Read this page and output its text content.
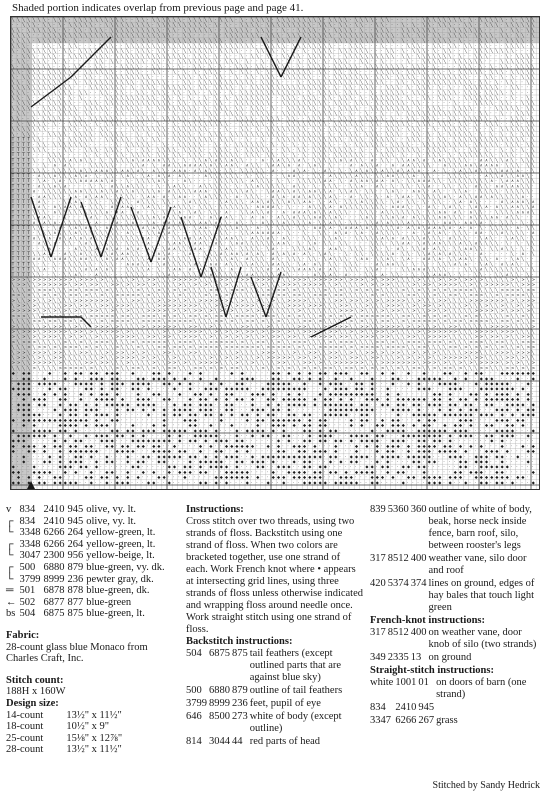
Shaded portion indicates overlap from previous page and page 41.
╲ ╲ ╲ ╲ ╲ ╲ ╲ · ╲ ╲ ╲ · ╲ ╲ ╲ ╲ ╲ ╲ ╲ ╲ ╲ ╲ · · ╲ ╲ · ╲ ╲ ╲ ╲ ╲ ╲ · ╲ ╲ ╲ ╲ ╲ · ╲ ╲ ╲ · ╲ · ╲ ╲ ╲ ╲ · ╲ ╲ ╲ ╲ ╲ ╲ ╲ ╲ ╲ · ╲ ╲ ╲ ╲ · ╲ ╲ ╲ ╲ · ╲ ╲ · · · · · · ╲ ╲ ╲ ╲ ╲ ╲ ╲ ╲ · ╲ · ╲ ╲ ╲ ╲ ╲ · ╲ · ╲ ╲ ╲
· · ╲ ╲ ╲ · ╲ ╲ · ╲ · ╲ ╲ ╲ ╲ ╲ · · ╲ ╲ ╲ ╲ ╲ ╲ ╲ ╲ ╲ · ╲ ╲ ╲ ╲ ╲ ╲ ╲ ╲ ╲ ╲ · ╲ · ╲ · · ╲ ╲ ╲ ╲ · ╲ ╲ ╲ ╲ ╲ ╲ ╲ ╲ ╲ · ╲ ╲ ╲ · ╲ ╲ · ╲ ╲ · · ╲ ╲ · · · ╲ · ╲ · ╲ ╲ · ╲ ╲ ╲ · · ╲ ╲ · · ╲ ╲ ╲ · ╲ ╲ ╲ ╲ ╲ ╲
╲ ╲ · ╲ ╲ ╲ ╲ ╲ ╲ · ╲ · ╲ ╲ · ╲ ╲ ╲ · ╲ ╲ ╲ ╲ ╲ ╲ ╲ ╲ ╲ ╲ · ╲ ╲ · ╲ ╲ ╲ ╲ ╲ ╲ · · ╲ ╲ ╲ ╲ ╲ · ╲ ╲ ╲ · · ╲ · · ╲ ╲ ╲ ╲ · ╲ · ╲ ╲ ╲ ╲ · ╲ · · ╲ ╲ ╲ · · ╲ ╲ ╲ ╲ ╲ ╲ ╲ · · ╲ ╲ ╲ ╲ ╲ ╲ ╲ · · · ╲ · ╲ ╲ · ╲ ╲
╲ ╲ ╲ ╲ · · ╲ ╲ ╲ ╲ ╲ ╲ ╲ ╲ ╲ ╲ ╲ ╲ ╲ ╲ ╲ ╲ ╲ ╲ ╲ ╲ ╲ ╲ ╲ ╲ ╲ · · ╲ ╲ · · · · ╲ · ╲ ╲ ╲ ╲ ╲ ╲ ╲ · ╲ ╲ ╲ · ╲ ╲ ╲ ╲ ╲ ╲ ╲ ╲ ╲ · ╲ ╲ ╲ ╲ ╲ ╲ ╲ ╲ ╲ ╲ ╲ · ╲ ╲ · ╲ ╲ · ╲ ╲ · ╲ ╲ ╲ ╲ · ╲ ╲ ╲ ╲ · ╲ ╲ · ╲ ╲ · ╲
╲ ╲ ╲ ╲ · ╲ ╲ ╲ ╲ ╲ ╲ · ╲ · · ╲ · · · ╲ ╲ ╲ · ╲ · ╲ ╲ · ╲ · ╲ ╲ ╲ ╲ ╲ ╲ ╲ ╲ ╲ ╲ ╲ · ╲ ╲ ╲ · ╲ · ╲ ╲ · ╲ ╲ ╲ · · ╲ ╲ ╲ ╲ ╲ · ╲ ╲ ╲ ╲ ╲ ╲ ╲ ╲ ╲ ╲ ╲ ╲ · ╲ · ╲ · ╲ · ╲ ╲ ╲ ╲ · ╲ · · · ╲ ╲ ╲ ╲ · ╲ ╲ ╲ ╲ · ·
╲ ╲ ╲ · · · ╲ ╲ · ╲ · ╲ ╲ · · · · ╲ ╲ ╲ · · ╲ ╲ ╲ ╲ ╲ ╲ ╲ ╲ ╲ ╲ ╲ ╲ ╲ ╲ ╲ ╲ ╲ ╲ ╲ ╲ ╲ ╲ ╲ ╲ ╲ · · ╲ ╲ ╲ ╲ · ╲ ╲ ╲ ╲ ╲ ╲ ╲ ╲ · · · ╲ ╲ ╲ · · · ╲ · · · · ╲ ╲ ╲ · · ╲ ╲ · ╲ ╲ · ╲ ╲ · ╲ ╲ · · · ╲ ╲ ╲ ╲ · ╲
╲ · ╲ ╲ ╲ ╲ ╲ ╲ ╲ · ╲ ╲ · ╲ ╲ ╲ ╲ ╲ ╲ ╲ ╲ ╲ ╲ · ╲ ╲ ╲ · ╲ ╲ · ╲ · ╲ ╲ ╲ ╲ ╲ ╲ · ╲ ╲ ╲ ╲ · · · ╲ ╲ · ╲ · ╲ · ╲ · ╲ · ╲ ╲ ╲ ╲ · ╲ ╲ ╲ ╲ ╲ ╲ · · · ╲ ╲ · ╲ · ╲ ╲ ╲ · ╲ · ╲ ╲ · · ╲ · ╲ ╲ ╲ ╲ ╲ ╲ ╲ ╲ · · · ╲
· · ╲ ╲ ╲ · ╲ ╲ ╲ · · ╲ ╲ ╲ ╲ ╲ ╲ ╲ ╲ · ╲ ╲ ╲ ╲ ╲ ╲ ╲ ╲ ╲ ╲ ╲ ╲ ╲ ╲ · ╲ ╲ ╲ · ╲ · ╲ · · ╲ · ╲ ╲ · ╲ · · ╲ ╲ ╲ ╲ · ╲ ╲ ╲ ╲ ╲ · · ╲ ╲ ╲ ╲ ╲ ╲ ╲ ╲ ╲ ╲ · ╲ ╲ · ╲ ╲ ╲ ╲ ╲ ╲ ╲ · ╲ · · ╲ ╲ ╲ · · · ╲ · ╲ ╲ ╲ ╲
· ╲ ╲ · ╲ ╲ ╲ · ╲ · ╲ · · · · · ╲ ╲ · ╲ ╲ · ╲ ╲ ╲ ╲ · ╲ ╲ · ╲ · ╲ ╲ ╲ ╲ ╲ ╲ ╲ ╲ · ╲ ╲ ╲ · ╲ · · ╲ · ╲ ╲ · ╲ · ╲ · ╲ ╲ · ╲ · ╲ ╲ ╲ · · ╲ ╲ · · ╲ · · · · ╲ · · ╲ ╲ ╲ ╲ ╲ · ╲ ╲ ╲ ╲ ╲ ╲ · · · ╲ ╲ ╲ ╲ ╲ ╲ ·
╲ · ╲ ╲ ╲ ╲ ╲ ╲ · · ╲ · ╲ ╲ · · ╲ ╲ · · · ╲ ╲ ╲ ╲ · · ╲ ╲ · ╲ · ╲ · · ╲ ╲ · ╲ · ╲ · · ╲ ╲ ╲ · ╲ ╲ · ╲ ╲ ╲ ╲ · ╲ · ╲ ╲ ╲ ╲ · ╲ ╲ ╲ ╲ ╲ · ╲ ╲ ╲ ╲ ╲ ╲ ╲ ╲ · ╲ ╲ ╲ · ╲ · · · · ╲ ╲ ╲ · ╲ · ╲ · ╲ ╲ · ╲ ╲ ╲ ╲
╲ ╲ · ╲ ╲ ╲ · ╲ ╲ ╲ ╲ ╲ · · ╲ ╲ ╲ ╲ ╲ ╲ · · ╲ ╲ ╲ · · ╲ ╲ · · ╲ · ╲ · ╲ · ╲ ╲ ╲ · · ╲ · ╲ ╲ · ╲ · ╲ · · ╲ ╲ ╲ ╲ ╲ ╲ · ╲ ╲ · ╲ ╲ · ╲ ╲ · · · ╲ ╲ ╲ ╲ ╲ · ╲ ╲ ╲ ╲ · ╲ ╲ · ╲ · ╲ ╲ ╲ ╲ ╲ · ╲ ╲ ╲ · ╲ ╲ ╲ ╲ ╲
╲ · ╲ ╲ ╲ ╲ ╲ ╲ ╲ ╲ ╲ ╲ ╲ · ╲ ╲ · · ╲ ╲ ╲ ╲ ╲ ╲ ╲ ╲ ╲ · · · · · ╲ ╲ ╲ · ╲ ╲ · ╲ ╲ · · ╲ · ╲ ╲ · ╲ ╲ ╲ · ╲ ╲ ╲ ╲ ╲ ╲ · · ╲ · ╲ ╲ ╲ ╲ ╲ ╲ ╲ · ╲ ╲ ╲ · ╲ ╲ ╲ ╲ · ╲ ╲ ╲ ╲ ╲ ╲ ╲ ╲ ╲ · · · ╲ ╲ · ╲ · ╲ · ╲ ╲ ╲
╲ ╲ · ╲ ╲ ╲ ╲ ╲ ╲ ╲ ╲ · ╲ · ╲ ╲ ╲ ╲ ╲ ╲ ╲ ╲ ╲ ╲ · ╲ ╲ ╲ ╲ ╲ · · · ╲ ╲ · ╲ ╲ ╲ ╲ ╲ ╲ ╲ ╲ ╲ ╲ ╲ · ╲ ╲ ╲ ╲ · · · ╲ · ╲ ╲ ╲ ╲ ╲ ╲ ╲ ╲ ╲ ╲ ╲ ╲ ╲ ╲ ╲ · · ╲ ╲ · ╲ ╲ ╲ ╲ ╲ ╲ ╲ ╲ ╲ ╲ ╲ ╲ · ╲ ╲ · ╲ · ╲ ╲ · · ╲ ╲
╲ ╲ ╲ ╲ ╲ ╲ ╲ ╲ ╲ ╲ ╲ ╲ · · · ╲ ╲ ╲ ╲ ╲ ╲ ╲ · ╲ · ╲ ╲ ╲ · ╲ ╲ ╲ ╲ ╲ ╲ · ╲ ╲ · ╲ ╲ ╲ ╲ · ╲ · ╲ ╲ ╲ ╲ ╲ ╲ ╲ ╲ ╲ ╲ ╲ ╲ ╲ ╲ ╲ · ╲ · ╲ ╲ · ╲ ╲ ╲ · · ╲ ╲ ╲ · ╲ · ╲ ╲ ╲ · ╲ · ╲ · · ╲ ╲ ╲ ╲ ╲ ╲ ╲ · · ╲ ╲ · · ·
╲ ╲ ╲ · ╲ ╲ · · ╲ ╲ ╲ ╲ · ╲ ╲ · · ╲ ╲ · ╲ ╲ · · ╲ ╲ · ╲ ╲ ╲ · ╲ ╲ · ╲ ╲ · · ╲ ╲ · · ╲ · ╲ ╲ ╲ ╲ ╲ ╲ ╲ ╲ ╲ ╲ ╲ ╲ · ╲ · ╲ ╲ ╲ ╲ · ╲ ╲ ╲ · · ╲ · ╲ ╲ ╲ ╲ ╲ · ╲ ╲ ╲ · · ╲ ╲ ╲ ╲ · ╲ ╲ ╲ · ╲ ╲ ╲ ╲ · ╲ · · · ·
╲ ╲ · ╲ · · ╲ ╲ · ╲ · ╲ · ╲ · · · · ╲ ╲ ╲ ╲ ╲ ╲ ╲ ╲ ╲ ╲ · ╲ ╲ · ╲ · ╲ · · ╲ · ╲ · ╲ · ╲ ╲ ╲ ╲ ╲ ╲ ╲ · · ╲ ╲ ╲ · ╲ ╲ ╲ · ╲ ╲ · ╲ ╲ ╲ · ╲ · ╲ ╲ ╲ ╲ ╲ ╲ · ╲ · · ╲ ╲ · ╲ ╲ ╲ · · ╲ ╲ ╲ ╲ ╲ ╲ ╲ · · ╲ · · ╲ ·
· ╲ ╲ ╲ ╲ ╲ · ╲ ╲ ╲ ╲ ╲ · · ╲ ╲ ╲ · ╲ ╲ ╲ ╲ ╲ ╲ ╲ ╲ ╲ ╲ ╲ ╲ ╲ · ╲ ╲ · ╲ ╲ ╲ · ╲ ╲ · · ╲ ╲ ╲ ╲ ╲ ╲ ╲ · · ╲ ╲ ╲ ╲ ╲ ╲ ╲ ╲ ╲ · ╲ ╲ ╲ · ╲ ╲ ╲ · ╲ ╲ ╲ ╲ ╲ ╲ · ╲ ╲ · · · · · · ╲ · · · ╲ ╲ ╲ ╲ · ╲ ╲ · · ╲ ╲ ╲
╲ ╲ ╲ ╲ · · ╲ ╲ ╲ ╲ ╲ ╲ ╲ · ╲ ╲ ╲ ╲ ╲ · ╲ ╲ ╲ ╲ ╲ · ╲ · ╲ ╲ ╲ ╲ ╲ ╲ ╲ ╲ · ╲ · ╲ ╲ ╲ · ╲ ╲ · ╲ ╲ ╲ · ╲ · · ╲ ╲ ╲ ╲ ╲ ╲ · ╲ ╲ · ╲ ╲ ╲ ╲ · · ╲ ╲ ╲ ╲ ╲ ╲ ╲ ╲ · ╲ · ╲ ╲ ╲ · · ╲ ╲ ╲ ╲ · · · · ╲ ╲ ╲ ╲ ╲ · ╲ ╲
· ╲ ╲ · ╲ ╲ ╲ ╲ · ╲ ╲ ╲ ╲ · ╲ ╲ · · ╲ · ╲ ╲ · ╲ ╲ ╲ · ╲ · · · ╲ · ╲ ╲ ╲ · ╲ ╲ ╲ · ╲ ╲ ╲ ╲ · ╲ ╲ ╲ ╲ · · ╲ ╲ ╲ ╲ ╲ · ╲ ╲ ╲ ╲ ╲ ╲ · ╲ · · ╲ · · ╲ · · ╲ · ╲ ╲ ╲ ╲ ╲ ╲ ╲ ╲ ╲ ╲ ╲ ╲ · · ╲ ╲ · · ╲ · · ╲ ╲ ╲ ·
╲ ╲ · · ╲ · ╲ ╲ ╲ ╲ · · ╲ ╲ · ╲ ╲ ╲ ╲ ╲ ╲ · · · ╲ ╲ ╲ ╲ · ╲ ╲ ╲ ╲ ╲ · ╲ ╲ · ╲ ╲ · · · ╲ ╲ ╲ ╲ · ╲ ╲ ╲ ╲ · ╲ ╲ · · ╲ ╲ ╲ · ╲ · ╲ ╲ ╲ · ╲ ╲ ╲ ╲ ╲ · ╲ · · ╲ ╲ · ╲ ╲ ╲ · · ╲ ╲ · ╲ ╲ ╲ ╲ ╲ · ╲ · · ╲ ╲ ╲ · ╲
· ╲ · ╲ ╲ ╲ ╲ · ╲ · · ╲ ╲ ╲ ╲ · ╲ · ╲ ╲ ╲ ╲ ╲ ╲ ╲ ╲ · · ╲ · · ╲ · ╲ ╲ ╲ ╲ ╲ ╲ ╲ ╲ ╲ · · ╲ ╲ ╲ ╲ ╲ · ╲ · · ╲ ╲ ╲ ╲ ╲ ╲ ╲ ╲ · ╲ ╲ ╲ ╲ ╲ ╲ · ╲ ╲ · ╲ ╲ ╲ ╲ ╲ · ╲ ╲ ╲ · ╲ ╲ ╲ · ╲ ╲ · ╲ · ╲ ╲ ╲ · · ╲ ╲ · ╲ ╲
╲ ╲ ╲ ╲ ╲ ╲ ╲ · · · ╲ ╲ ╲ · ╲ ╲ · ╲ ╲ · · · · ╲ ╲ ╲ ╲ ╲ ╲ ╲ · ╲ ╲ ╲ ╲ ╲ ╲ ╲ · · · ╲ · · ╲ ╲ · ╲ · ╲ ╲ ╲ ╲ ╲ ╲ ╲ ╲ · ╲ ╲ · ╲ ╲ ╲ ╲ · ╲ ╲ · ╲ · · ╲ ╲ ╲ · ╲ ╲ ╲ · · ╲ · ╲ ╲ ╲ ╲ ╲ · ╲ · · ╲ · ╲ ╲ ╲ ╲ ╲ ╲ ╲
╲ · ╲ ╲ ╲ · · ╲ ╲ ╲ ╲ · ╲ ╲ ╲ ╲ · ╲ ╲ ╲ ╲ ╲ · · ╲ · ╲ · ╲ ╲ · ╲ ╲ ╲ ╲ · ╲ · ╲ ╲ ╲ · ╲ ╲ ╲ ╲ ╲ ╲ ╲ ╲ ╲ ╲ ╲ · ╲ ╲ ╲ ╲ ╲ ╲ · ╲ · ╲ ╲ ╲ ╲ · ╲ ╲ ╲ · ╲ ╲ ╲ · · ╲ ╲ · ╲ · ╲ · ╲ ╲ ╲ ╲ ╲ · ╲ · ╲ · ╲ · ╲ · ╲ ╲ ╲
T T T T ╲ ╲ · · · ╲ · ╲ ╲ ╲ ╲ ╲ · · ╲ ╲ ╲ ╲ ╲ · ╲ ╲ · ╲ ╲ · · ╲ ╲ ╲ ╲ ╲ ╲ ╲ ╲ · ╲ ╲ ╲ · · ╲ · · ╲ · · ╲ ╲ ╲ ╲ ╲ ╲ ╲ ╲ ╲ ╲ ╲ ╲ ╲ · ╲ ╲ ╲ · ╲ ╲ ╲ ╲ ╲ · · ╲ ╲ ╲ · ╲ · ╲ ╲ · ╲ ╲ ╲ ╲ ╲ ╲ ╲ ╲ ╲ ╲ ╲ ╲ ╲ ╲ · ╲
T T T T · ╲ ╲ · ╲ ╲ ╲ ╲ ╲ ╲ ╲ · · · · · ╲ · ╲ ╲ ╲ ╲ ╲ · · ╲ · · ╲ ╲ ╲ ╲ ╲ · · ╲ · ╲ · ╲ ╲ ╲ ╲ ╲ ╲ · ╲ · ╲ · ╲ · ╲ · ╲ ╲ ╲ ╲ · · ╲ · ╲ ╲ ╲ ╲ ╲ ╲ · ╲ ╲ ╲ ╲ · · ╲ ╲ ╲ ╲ ╲ ╲ ╲ ╲ ╲ · ╲ ╲ ╲ ╲ ╲ · ╲ ╲ ╲ · ╲ ╲
T T T T ╲ ╲ ╲ · · · ╲ ╲ · · ╲ ╲ ╲ · ╲ ╲ ╲ · ╲ · · ╲ ╲ · ╲ ╲ ╲ ╲ · ╲ ╲ ╲ ╲ · · ╲ ╲ ╲ · ╲ · ╲ ╲ ╲ ╲ ╲ · · ╲ ╲ · ╲ ╲ · ╲ ╲ ╲ ╲ ╲ ╲ ╲ ╲ · ╲ · · ╲ · ╲ ╲ ╲ ╲ ╲ ╲ ╲ · ╲ ╲ ╲ ╲ · ╲ · · ╲ ╲ · ╲ · · ╲ · ╲ · ╲ · ╲
T T T T · · · ╲ ╲ ╲ · · · · ╲ · ╲ · ╲ · ╲ ╲ · ╲ ╲ ╲ ╲ · ╲ ╲ · ╲ ╲ · ╲ ╲ ╲ · ╲ ╲ ╲ ╲ ╲ ╲ · ╲ ╲ ╲ · ╲ ╲ · ╲ · ╲ · ╲ · ╲ ╲ ╲ · ╲ ╲ ╲ ╲ ╲ ╲ · ╲ · ╲ ╲ ╲ · ╲ · · ╲ · ╲ ╲ ╲ · ╲ · ╲ ╲ ╲ ╲ ╲ ╲ ╲ · ╲ ╲ ╲ · · ╲ ╲
T T T T ╲ · · ╲ ╲ ╲ ╲ ∧ ╲ ∧ ╲ ╲ · ╲ · ╲ ╲ ╲ ╲ ∧ ╲ ∧ ∧ ∧ ∧ ╲ ╲ ╲ · ╲ · ╲ ╲ ∧ ╲ ∧ ╲ ╲ ∧ ╲ ╲ · · · ∧ · ╲ ∧ ╲ ╲ ╲ ∧ ╲ · ╲ ╲ ╲ ╲ ╲ ∧ ╲ ∧ ╲ ╲ · ∧ · ╲ ╲ · ╲ ╲ ∧ ∧ ╲ ∧ · ╲ ∧ ╲ ╲ ╲ ╲ ╲ · · ∧ ∧ ╲ ╲ ╲ ∧ ╲ · ╲ ╲ ╲
T T T T · · ╲ · ∧ · ∧ ╲ · · · ╲ ╲ ╲ ╲ ╲ · · · ╲ ╲ ∧ · ╲ · ∧ ∧ ╲ ╲ ∧ ∧ ∧ ∧ ╲ ∧ ╲ ╲ ∧ ∧ ╲ · ∧ ╲ ╲ · ╲ ∧ ∧ ╲ ∧ · ∧ · ╲ ∧ ╲ · ╲ · · · ∧ · ∧ ╲ ╲ ∧ · · ∧ · ∧ ∧ ╲ ╲ ╲ ╲ · · ∧ ╲ ╲ ╲ ∧ ∧ ╲ ∧ ∧ ∧ ∧ · ╲ ╲ ╲ · ╲ ╲
T T T T ╲ ╲ ╲ · ╲ ╲ ╲ ╲ ╲ ∧ ╲ ╲ ∧ ∧ ∧ ╲ ╲ ∧ ∧ ╲ ∧ ╲ · ∧ ╲ ╲ · ∧ ∧ ∧ · ∧ ╲ ∧ ╲ ╲ · ╲ ╲ · ╲ ╲ ╲ ╲ ╲ · ∧ · · · ∧ ╲ ∧ · ╲ · ∧ ╲ · ╲ · ╲ ∧ ╲ ∧ ╲ ╲ ∧ ╲ ╲ ∧ ╲ ∧ ╲ ∧ · · ∧ · ╲ · ╲ ∧ ╲ ╲ ∧ ╲ ╲ ╲ ╲ ∧ ∧ ╲ ∧ · · ╲
T T T T · ∧ ╲ ╲ ∧ ╲ ╲ ╲ ∧ ╲ ∧ · ╲ · ╲ ╲ · ╲ ∧ ╲ · ╲ ∧ · ∧ ╲ ∧ · ∧ ╲ · · · ∧ ╲ ╲ ╲ ╲ ╲ ╲ · ╲ · ╲ ╲ · · · ╲ ∧ ∧ ╲ · · ╲ ╲ · ∧ ╲ ╲ ╲ ╲ ∧ ╲ ╲ · ╲ ╲ ∧ ∧ ╲ ╲ ╲ ∧ · ╲ ╲ · · · ╲ ╲ ╲ ╲ · · · ∧ ╲ ╲ ∧ ╲ ╲ ∧ ∧ ╲ ·
T T T T · ╲ ∧ · ╲ ∧ · ╲ ╲ ∧ ∧ ∧ ∧ ∧ ╲ ∧ · · ╲ · ╲ ╲ ╲ ╲ ∧ ╲ · · · ∧ ╲ · · · · ╲ ╲ ╲ ╲ ╲ ╲ · ∧ ╲ ╲ ╲ · ╲ · ╲ · ╲ ╲ ╲ ╲ ╲ ∧ ∧ · ╲ · ∧ ╲ ∧ ∧ ╲ ∧ ∧ · ∧ ╲ · ╲ ╲ ∧ ∧ ∧ ╲ ╲ · ╲ ╲ ╲ ╲ ╲ ╲ ╲ ╲ ∧ · ╲ ∧ ∧ ∧ ╲ ╲ ╲
T T T T · ∧ ╲ ╲ ∧ ╲ ∧ · · · · ╲ · ╲ · ∧ ╲ ╲ ∧ ╲ ╲ ╲ · · ╲ · ╲ ∧ ╲ ╲ · · ∧ ╲ ╲ ╲ ╲ ╲ · ╲ · ╲ ╲ ∧ ╲ ╲ ╲ ╲ ╲ · ∧ ╲ ╲ · ╲ · ╲ ╲ ╲ · · ╲ ╲ ∧ · · ∧ ╲ · ╲ · ╲ ╲ · ╲ ╲ ∧ · · ╲ ╲ · ╲ ╲ · ∧ ╲ ╲ · ∧ ∧ ╲ ∧ ∧ ╲ ╲ ·
T T T T ∧ · ╲ ╲ ╲ ╲ ╲ ╲ ∧ ∧ ╲ ╲ ╲ ∧ ╲ ╲ ∧ ╲ ╲ ∧ ╲ ╲ ╲ ╲ ∧ · ∧ ╲ ╲ ╲ ╲ ∧ ∧ ∧ · ╲ ╲ ╲ ╲ ╲ ╲ ∧ ╲ · · ╲ ∧ ∧ ╲ ╲ ∧ ╲ ╲ ∧ ∧ ╲ ╲ ∧ · ╲ ╲ ∧ ╲ · ╲ ╲ · · ╲ ∧ ╲ · · ∧ ∧ ╲ · ∧ ╲ · · ╲ ╲ ∧ · · ╲ ╲ ╲ ╲ · ╲ ╲ ╲ ╲ ╲ ·
T T T T · ∧ ∧ ╲ ╲ ╲ · ╲ ∧ · ∧ ╲ ∧ ∧ ╲ · ╲ ╲ ╲ ╲ · ╲ ∧ ∧ · ∧ · ╲ ∧ ∧ · · ╲ ∧ ╲ ╲ ╲ ╲ · ∧ · ╲ ╲ ╲ · · ∧ ╲ ∧ · ∧ ∧ ╲ ∧ ╲ ╲ ╲ ∧ ╲ · · ∧ · ╲ ╲ · ╲ · ∧ · ╲ ∧ ∧ · ╲ ╲ ╲ ╲ ╲ ∧ ╲ · ∧ ╲ ╲ ∧ ∧ ╲ ∧ ╲ ╲ ╲ ╲ ╲ ∧ · ·
T T T T · ∧ ╲ · · · ╲ ╲ ∧ ╲ · ╲ ╲ · · ╲ ╲ ╲ ╲ · ∧ ╲ ╲ ╲ · ╲ ╲ · · ╲ ∧ ╲ ╲ ╲ · · ╲ ∧ ╲ ╲ ╲ · ∧ ∧ ╲ ∧ ╲ ╲ ╲ ∧ ╲ ╲ ∧ ∧ · ╲ · ∧ ╲ · ╲ ╲ ╲ ∧ ╲ ╲ ╲ ╲ · ╲ ∧ · ╲ ╲ · ╲ · ╲ ╲ · · ╲ ∧ · ∧ ╲ · · · · ∧ ╲ ∧ ∧ ∧ ╲ ∧
T T T T ∧ ∧ ╲ · ∧ ╲ ∧ ∧ ╲ ∧ · ╲ ╲ ╲ · ∧ ╲ ∧ ∧ ╲ · ╲ ∧ ╲ ╲ · ╲ ∧ ╲ ╲ ╲ · ╲ ╲ ╲ · ╲ ╲ ╲ ╲ ╲ ╲ · ∧ ∧ ∧ ∧ ╲ · ╲ · · · ∧ ╲ ╲ ╲ ∧ · ∧ ╲ ╲ ╲ ╲ ╲ ╲ ╲ ╲ · ∧ ∧ ∧ ╲ · ╲ · ∧ ╲ · ╲ ∧ ╲ ╲ · ╲ ∧ ╲ ∧ · ∧ ╲ ╲ ∧ ∧ ╲ ╲ ∧
T T T T ╲ ╲ ╲ · ∧ ╲ ╲ ╲ ╲ ╲ ╲ ╲ ╲ ╲ ∧ · ∧ ∧ · ╲ ∧ · · ╲ · ╲ · ╲ ∧ · ╲ ∧ ╲ · ╲ ╲ · ∧ · · ╲ ╲ ∧ ╲ ╲ ∧ · · ∧ · ∧ ∧ ∧ ╲ ∧ ╲ ╲ ∧ ╲ ╲ ╲ · · ╲ ╲ ╲ · ∧ ╲ ╲ ╲ ╲ ╲ ╲ ╲ · ╲ ╲ ∧ ∧ · ∧ ╲ · ∧ ╲ ╲ · · ╲ ╲ ╲ ╲ ∧ ∧ ∧ ╲
T T T T ╲ ∧ ∧ ╲ · · ╲ · · · ╲ ∧ ╲ · ╲ ╲ ╲ ╲ ╲ ╲ ╲ ╲ ╲ ∧ ╲ ∧ ╲ ╲ ╲ ∧ ∧ · ╲ · ∧ ╲ ∧ ∧ ╲ · ╲ · ∧ · ∧ · · ∧ ╲ ╲ ∧ ╲ ╲ ╲ ∧ ∧ ╲ ╲ ∧ ╲ · · · ╲ ∧ ╲ · ╲ ╲ ∧ ╲ ∧ · ∧ ╲ ╲ ╲ ╲ ∧ ∧ ╲ ╲ ╲ · ∧ ╲ ╲ ╲ ∧ ∧ · ∧ ╲ ╲ · · ·
T T T T ∧ ╲ ∧ ╲ ∧ · ╲ ╲ ╲ ╲ · · ∧ · · ∧ ∧ · ╲ ∧ · · ╲ ∧ · ∧ ∧ ╲ ∧ ╲ ╲ ╲ ∧ ∧ ╲ ∧ ╲ ╲ · ∧ ╲ · ╲ · ∧ ╲ ╲ ╲ ∧ ╲ ╲ ╲ ╲ ∧ · ╲ ╲ ∧ ╲ ╲ · ╲ ╲ · ╲ ╲ ∧ ╲ ∧ ╲ ╲ ╲ ∧ ╲ ╲ · ╲ ╲ · ∧ ∧ ╲ · ∧ ∧ ╲ ∧ · ╲ · ╲ ╲ ╲ · ╲ · ╲
T T T T ╲ ╲ · · ╲ ∧ · ╲ ∧ ╲ ∧ ∧ ╲ · ∧ ╲ ╲ ╲ ╲ ╲ ╲ ∧ ╲ ∧ ╲ ╲ ∧ ╲ ╲ ∧ · ╲ ∧ ∧ · ╲ ╲ ╲ ╲ ∧ ╲ ╲ · ∧ · ╲ · ╲ ╲ ╲ · ╲ ╲ · ∧ ∧ ╲ ∧ · ╲ ∧ ∧ ∧ ╲ ∧ ╲ ╲ ╲ ╲ ╲ ∧ · ∧ ╲ ∧ ╲ ∧ ∧ ∧ ╲ ∧ · ∧ · ∧ · ╲ · ╲ ╲ ╲ ╲ · ∧ · ╲ ╲
T T T T · ╲ ╲ ╲ ∧ ╲ ╲ ╲ ∧ ╲ ╲ ╲ ╲ ╲ ╲ ╲ ╲ · ∧ ╲ · · ╲ ╲ ∧ ╲ ∧ ╲ · · · ╲ ╲ ╲ ╲ ∧ ╲ ╲ · · ╲ ╲ ∧ ∧ ∧ ∧ ∧ ∧ · ╲ · · ╲ · · ╲ ╲ · ∧ ╲ ∧ · ╲ ∧ · ╲ ∧ ╲ ╲ ╲ ╲ · · ∧ · ╲ ∧ ╲ ∧ ╲ · ╲ ╲ ╲ · ∧ ∧ · ╲ ╲ ∧ ╲ ╲ ╲ ╲ · ∧
T T T T ∧ ╲ ╲ ∧ · ∧ ╲ ∧ ╲ ∧ ╲ ∧ ╲ ╲ ╲ ╲ ╲ ╲ ╲ ╲ ╲ ∧ ∧ · ╲ ╲ · ╲ ╲ ∧ ∧ ╲ ∧ ╲ ╲ ╲ ╲ ∧ ∧ ╲ ╲ · ∧ ╲ ╲ ∧ ╲ · ∧ ╲ · · ╲ ╲ ╲ · ╲ ╲ ∧ ╲ · · ╲ ╲ ╲ ╲ ╲ ∧ ╲ ∧ · ∧ ╲ ╲ ╲ ∧ ╲ ╲ ╲ · ∧ ╲ ╲ ╲ · · ╲ ∧ ╲ · · ╲ ∧ ╲ ╲ · ╲
T T T T · ∧ ╲ ╲ ∧ · ╲ ╲ · ╲ ∧ ╲ · ╲ ╲ ╲ ╲ · ╲ ╲ ╲ · ∧ · ╲ · ╲ ∧ ∧ ╲ ∧ ∧ ∧ ╲ · ∧ ╲ · ╲ ∧ ∧ ╲ ╲ ╲ ╲ ╲ ╲ ∧ ∧ ╲ · ╲ · ╲ ∧ · ╲ ╲ · ╲ ╲ · · · · ╲ ╲ ╲ · ╲ ╲ ∧ ∧ · ╲ ∧ ╲ ∧ ∧ ╲ ╲ ╲ ∧ ╲ ╲ ∧ ╲ ╲ ╲ ╲ · ╲ · ╲ · ╲ ╲
T T T T · · ╲ ∧ · · · · ∧ ╲ ╲ ╲ ∧ · ∧ ╲ ∧ · ∧ ╲ ∧ · ∧ ╲ · ╲ ∧ ∧ ╲ ╲ ╲ ∧ ∧ · ╲ · ╲ ∧ ╲ · ╲ ╲ ╲ ╲ · ╲ ∧ · · · ╲ ╲ ╲ ∧ ╲ · · ∧ ∧ ╲ · ╲ ╲ ╲ · ╲ ╲ · ╲ · ∧ ╲ · ╲ ╲ ∧ · ∧ ╲ ╲ · ╲ ╲ ∧ ∧ ╲ ╲ · ╲ ╲ ∧ ╲ ╲ · ╲ · ╲
T T T T ╲ ╲ ∧ ∧ · · ∧ ╲ ╲ ∧ ╲ ╲ ╲ ╲ ╲ ∧ ╲ ∧ ∧ ╲ ╲ · ∧ ╲ ∧ ╲ ∧ · · ╲ ∧ · · ╲ ╲ ╲ ∧ ╲ ∧ ∧ ╲ ∧ ╲ ∧ ╲ · ∧ ╲ ∧ ╲ ∧ · ∧ ╲ · ╲ ∧ ╲ · · ╲ · ╲ ╲ · ╲ ╲ ╲ ╲ ∧ · ╲ ╲ · ╲ ╲ ∧ ╲ ∧ ╲ ∧ ╲ ╲ ╲ · · ∧ · · · · · ╲ · ∧ · ╲
T T T T ∧ ∧ ╲ ╲ ∧ ∧ ∧ ╲ ╲ ∧ ∧ ╲ ╲ ╲ ∧ ╲ ∧ ∧ ╲ ╲ ╲ ╲ ∧ · ∧ ∧ ╲ ╲ ╲ ╲ ╲ ∧ · ╲ ╲ ╲ ╲ ╲ ∧ ╲ · ∧ ╲ ╲ ╲ · ∧ ╲ · ╲ ╲ ╲ · ╲ ╲ · ╲ ∧ ╲ ╲ ╲ · ╲ ∧ ∧ · ╲ ╲ ∧ ╲ · ╲ ∧ · · ∧ ∧ ╲ ∧ · ╲ ╲ ∧ ∧ ╲ · ╲ ╲ · ∧ · · ╲ ∧ ╲ · ·
T T T T ╲ · ╲ · ╲ · ╲ ╲ ╲ ╲ ╲ ╲ · ╲ ╲ ╲ · · ∧ ∧ ∧ ╲ ╲ · ╲ ∧ ╲ ╲ ╲ ╲ ╲ ∧ ╲ ╲ ∧ ∧ · ∧ ╲ ╲ ╲ ╲ ∧ ╲ ╲ ╲ ∧ ∧ ╲ ╲ · ╲ ∧ · ∧ ╲ · ╲ ╲ · ╲ ╲ ╲ · · · ∧ ╲ ∧ ∧ ╲ ╲ · ╲ · ╲ · · ╲ ╲ ╲ ∧ ╲ ∧ · · ╲ ∧ ╲ · ∧ ╲ ∧ ╲ · ╲ ·
T T T T ╲ ╲ ∧ · ╲ · ╲ ╲ ╲ ╲ ∧ ╲ ∧ ╲ ∧ ╲ · · ╲ ╲ ╲ ╲ ∧ · ╲ · ╲ ∧ ∧ · ∧ · ∧ ╲ ╲ ╲ ╲ · ∧ · · · ╲ ╲ ╲ ∧ · ∧ ╲ ╲ ╲ ∧ ∧ ∧ ╲ ∧ · ∧ ╲ · ╲ ╲ ╲ · ╲ ╲ ∧ · · · · ╲ ╲ ∧ ∧ ∧ ╲ ╲ ╲ ╲ · · · ╲ ╲ ╲ ∧ ╲ ╲ ╲ ╲ ╲ ╲ ╲ ╲ · ╲
T T T T ╲ ╲ · · ╲ · ╲ ╲ ∧ ╲ · · ∧ ╲ ╲ · · · ╲ ╲ ╲ ╲ · · ╲ ╲ ∧ ╲ · ╲ ╲ ╲ ∧ ╲ ∧ ╲ ╲ ╲ ╲ ╲ ╲ ∧ ∧ ╲ ╲ ╲ ╲ ∧ ∧ ╲ · · · · ∧ ╲ ╲ ∧ ╲ · ∧ · · · ╲ ╲ · ∧ · ╲ ╲ · · ╲ · ╲ ╲ ∧ ∧ ∧ ╲ · ╲ · · ╲ ╲ · · ╲ ╲ ∧ ╲ ╲ · ╲ ·
> > > ╲ > > > > > > > > ╲ > > > ╲ > ╲ ╲ ╲ ╲ ╲ > ╲ ╲ > > ╲ ╲ ╲ > > > > > ╲ ╲ ╲ ╲ > > ╲ ╲ > > ╲ > > > ╲ > ╲ ╲ > > > ╲ > > > > > > ╲ > > > ╲ > ╲ > > > ╲ ╲ ╲ ╲ > ╲ ╲ ╲ > ╲ > > ╲ > > ╲ > ╲ ╲ ╲ ╲ ╲ > ╲ > ╲ >
╲ > > ╲ ╲ > > > > > > ╲ > > ╲ > > ╲ ╲ > > ╲ > ╲ > > ╲ > ╲ ╲ ╲ ╲ > ╲ ╲ > ╲ > ╲ > ╲ > ╲ ╲ ╲ ╲ > ╲ > ╲ ╲ ╲ > > > ╲ > > > > ╲ ╲ > ╲ ╲ ╲ ╲ > ╲ > ╲ > > ╲ ╲ ╲ ╲ > ╲ > > ╲ > > > > ╲ ╲ > ╲ ╲ > > > > > ╲ ╲ > > >
╲ ╲ ╲ > ╲ > > > ╲ ╲ ╲ > > ╲ > > > ╲ > ╲ ╲ ╲ ╲ ╲ > ╲ ╲ ╲ > ╲ ╲ > ╲ > ╲ ╲ ╲ ╲ > > ╲ ╲ > > > ╲ ╲ ╲ ╲ > ╲ > > ╲ > ╲ ╲ ╲ ╲ ╲ > ╲ ╲ > ╲ ╲ > ╲ > ╲ > ╲ ╲ ╲ ╲ > ╲ ╲ > ╲ ╲ > ╲ > ╲ > > > > ╲ ╲ ╲ ╲ ╲ > > > > ╲ > >
> > ╲ > ╲ ╲ > ╲ > ╲ ╲ > > ╲ > ╲ ╲ > ╲ ╲ > > > > > ╲ > ╲ ╲ ╲ ╲ ╲ > ╲ ╲ ╲ ╲ > ╲ > ╲ > ╲ ╲ ╲ ╲ ╲ > > > ╲ > > ╲ > > ╲ ╲ > > > ╲ > > ╲ ╲ ╲ ╲ ╲ > ╲ > ╲ ╲ ╲ ╲ > > ╲ ╲ ╲ > ╲ ╲ > > ╲ ╲ > > > ╲ ╲ > ╲ > > > > ╲ ╲
> ╲ ╲ > > ╲ ╲ > ╲ ╲ ╲ ╲ > > > > > > > ╲ ╲ ╲ ╲ > > ╲ ╲ ╲ > ╲ > > ╲ > ╲ ╲ > > > > > > ╲ ╲ > ╲ ╲ > ╲ ╲ > ╲ ╲ > > > > ╲ ╲ ╲ ╲ ╲ > > ╲ > > ╲ > ╲ > ╲ > > > > ╲ ╲ > ╲ ╲ ╲ > > ╲ ╲ ╲ ╲ > > > > > > > ╲ > ╲ > > >
╲ > > ╲ > ╲ ╲ ╲ ╲ ╲ > > ╲ > > ╲ ╲ > > ╲ > > > ╲ ╲ ╲ ╲ ╲ > > > > > > > > ╲ ╲ ╲ > ╲ > ╲ > > > > ╲ > > ╲ ╲ ╲ > > > ╲ > > > ╲ ╲ ╲ > > ╲ ╲ ╲ > ╲ ╲ ╲ > > > ╲ ╲ > ╲ > > ╲ > ╲ ╲ ╲ ╲ > ╲ ╲ ╲ > ╲ ╲ > ╲ ╲ > ╲ > ╲
> > > > > ╲ > ╲ > ╲ > ╲ > ╲ ╲ > > ╲ ╲ > ╲ ╲ > ╲ ╲ ╲ > > > > ╲ > ╲ > ╲ > > ╲ > ╲ > ╲ > ╲ ╲ > ╲ > > ╲ ╲ ╲ ╲ ╲ ╲ > ╲ ╲ ╲ ╲ ╲ ╲ ╲ > > > ╲ > ╲ ╲ ╲ > ╲ > > ╲ ╲ > ╲ ╲ > > ╲ > ╲ ╲ ╲ ╲ ╲ > > > > ╲ > ╲ > > ╲ > ╲
> > > ╲ ╲ ╲ ╲ > > > ╲ ╲ > > ╲ > > > > > ╲ > > ╲ ╲ > > > ╲ > ╲ > ╲ ╲ > > ╲ > ╲ > > ╲ ╲ > > > > ╲ > > > ╲ ╲ > ╲ > ╲ ╲ ╲ > ╲ > ╲ > ╲ > ╲ > > > > > > ╲ ╲ > > ╲ ╲ > ╲ > ╲ > ╲ ╲ ╲ > ╲ > ╲ ╲ ╲ ╲ ╲ > ╲ ╲ > ╲ ╲
╲ ╲ ╲ ╲ > > ╲ > > ╲ > > ╲ > ╲ ╲ ╲ > ╲ > > > > ╲ ╲ > > > > ╲ > > > > > ╲ ╲ ╲ ╲ > > ╲ > ╲ ╲ > > ╲ > ╲ ╲ > ╲ ╲ ╲ ╲ > > ╲ > ╲ ╲ ╲ ╲ ╲ > ╲ > ╲ ╲ ╲ > > ╲ ╲ > ╲ > > > > > ╲ > ╲ > > ╲ > > > > ╲ ╲ > > ╲ > ╲ ╲ >
> ╲ ╲ ╲ ╲ ╲ > ╲ > > ╲ ╲ > ╲ ╲ ╲ > > > ╲ > ╲ ╲ ╲ ╲ > ╲ > > > > > ╲ ╲ > > ╲ ╲ > ╲ ╲ ╲ ╲ ╲ > > ╲ ╲ ╲ > ╲ ╲ ╲ ╲ ╲ > > ╲ ╲ ╲ > > > > > ╲ ╲ > > ╲ ╲ > > > > ╲ > ╲ > ╲ ╲ > ╲ ╲ > > ╲ ╲ ╲ ╲ ╲ ╲ > > > > ╲ ╲ ╲ ╲ >
> ╲ > > > ╲ > > > > > ╲ > > ╲ > ╲ > > > > ╲ > ╲ ╲ ╲ ╲ ╲ ╲ > ╲ ╲ > > > > > ╲ ╲ > ╲ > ╲ > ╲ > > ╲ > ╲ > > ╲ > ╲ ╲ > > > > ╲ > > ╲ ╲ > ╲ > ╲ ╲ > > ╲ > ╲ ╲ ╲ ╲ > ╲ > > > > > > ╲ ╲ ╲ > > > > ╲ > > > ╲ ╲ ╲ ╲
> ╲ > ╲ > ╲ > > > ╲ ╲ > ╲ > ╲ ╲ > ╲ ╲ ╲ > > > > ╲ ╲ > > ╲ > > ╲ ╲ > > > ╲ ╲ > ╲ ╲ > ╲ > ╲ > ╲ ╲ > ╲ > > ╲ > > ╲ ╲ > > > > > ╲ > > ╲ ╲ > > > ╲ > > ╲ ╲ ╲ > > ╲ ╲ > > > > ╲ ╲ ╲ ╲ ╲ > > ╲ > > ╲ > ╲ ╲ > > ╲
> ╲ > > > ╲ ╲ ╲ ╲ ╲ > ╲ ╲ > ╲ ╲ > > > ╲ ╲ ╲ ╲ > ╲ > > > > > ╲ ╲ > > > ╲ ╲ ╲ > > > > > ╲ > ╲ ╲ > > ╲ ╲ > ╲ ╲ > > > ╲ ╲ ╲ ╲ > ╲ > > > ╲ ╲ ╲ ╲ > > ╲ > ╲ ╲ > > > ╲ > > > ╲ > ╲ ╲ ╲ > > > ╲ ╲ > > ╲ ╲ ╲ > > >
╲ ╲ ╲ > ╲ > > ╲ > ╲ > > > ╲ > ╲ > ╲ ╲ ╲ > ╲ ╲ ╲ > ╲ ╲ ╲ > > ╲ > > ╲ > ╲ > > > > ╲ > > > > > > > ╲ > > > > > ╲ > ╲ ╲ ╲ > > > > > ╲ > ╲ > > > > ╲ > > > > ╲ ╲ > > ╲ ╲ ╲ ╲ > > ╲ > ╲ > ╲ > ╲ ╲ > ╲ ╲ > ╲ > >
╲ > > ╲ > > > ╲ > > ╲ ╲ ╲ > > ╲ ╲ ╲ > ╲ > > ╲ > ╲ > ╲ ╲ ╲ > > ╲ ╲ ╲ > > ╲ ╲ ╲ ╲ ╲ ╲ ╲ > ╲ ╲ ╲ ╲ > > > ╲ ╲ ╲ > ╲ ╲ > > ╲ ╲ > > ╲ ╲ > ╲ ╲ > > ╲ > ╲ > > ╲ ╲ > ╲ > ╲ > ╲ ╲ ╲ ╲ ╲ > > > ╲ ╲ ╲ > > > ╲ > > > ╲
╲ > > ╲ ╲ > ╲ ╲ > > ╲ ╲ ╲ ╲ ╲ ╲ ╲ > ╲ ╲ > > > > ╲ > ╲ > ╲ ╲ ╲ > ╲ ╲ ╲ ╲ ╲ ╲ > ╲ ╲ > ╲ > ╲ ╲ ╲ > ╲ > > > > > ╲ > > ╲ > ╲ ╲ > > ╲ ╲ > > ╲ ╲ > > ╲ ╲ ╲ > ╲ > ╲ > ╲ > ╲ ╲ > > > > > ╲ > > ╲ ╲ ╲ ╲ > > ╲ > ╲ ╲
> > ╲ ╲ > > > > ╲ > ╲ ╲ ╲ ╲ > > ╲ > > ╲ ╲ ╲ > ╲ ╲ ╲ ╲ > ╲ ╲ > > ╲ > ╲ ╲ > > > > ╲ ╲ ╲ > ╲ ╲ > ╲ ╲ ╲ ╲ > > ╲ ╲ ╲ > > ╲ > ╲ ╲ > > > > > > ╲ ╲ ╲ > > > > > > > ╲ > > > ╲ > ╲ ╲ > ╲ > ╲ > > > > ╲ > ╲ > ╲ ╲ >
╲ ╲ ╲ ╲ > ╲ ╲ ╲ ╲ > > > > > ╲ > ╲ ╲ ╲ ╲ > ╲ ╲ > > ╲ ╲ > ╲ ╲ > > ╲ ╲ ╲ > > ╲ > ╲ > ╲ > > ╲ ╲ ╲ ╲ > ╲ ╲ > ╲ > ╲ ╲ > ╲ > ╲ > > ╲ ╲ > > ╲ > ╲ > ╲ > ╲ ╲ > ╲ ╲ > > ╲ ╲ > ╲ > > ╲ > ╲ ╲ ╲ > > ╲ ╲ ╲ > > ╲ > ╲ >
◆ · ◆ ◆ · · · ◆ · · ◆ · ◆ ◆ · ◆ ◆ · ◆ ◆ ◆ · · ◆ · · · ◆ ◆ · ◆ · · · ◆ · ◆ · · · · · ◆ · ◆ · · · · · ◆ ◆ · ◆ · ◆ · ◆ · ◆ ◆ · ◆ ◆ ◆ · · ◆ ◆ · · ◆ · ◆ · · ◆ · · ◆ · · · ◆ ◆ · · ◆ · ◆ ◆ · · · ◆ ◆ ◆ ◆ ◆ ◆ ◆
· · ◆ ◆ · · ◆ · · · ◆ · ◆ · · ◆ ◆ ◆ · ◆ ◆ · · · ◆ ◆ · ◆ ◆ ◆ · ◆ · ◆ · · ◆ · · ◆ · · · · ◆ ◆ ◆ · · · ◆ ◆ · · ◆ ◆ · ◆ · ◆ · · ◆ · · ◆ · · · ◆ · · · ◆ ◆ · · · ◆ ◆ ◆ ◆ ◆ · · ◆ · ◆ · · ◆ ◆ ◆ · · · · ◆ · · ◆
· ◆ ◆ ◆ · ◆ ◆ ◆ ◆ · · · ◆ ◆ ◆ ◆ · ◆ · ◆ ◆ ◆ · ◆ ◆ ◆ ◆ · · ◆ ◆ · ◆ · ◆ · · · ◆ · ◆ · · ◆ ◆ · · · · ◆ ◆ ◆ ◆ ◆ · · ◆ · · ◆ · ◆ ◆ ◆ · · ◆ ◆ · ◆ · · · ◆ · · ◆ · ◆ · · · ◆ ◆ ◆ ◆ · · · ◆ · ◆ ◆ ◆ ◆ ◆ · · · ◆ ·
◆ ◆ ◆ ◆ · · · ◆ · ◆ ◆ · · · ◆ ◆ · ◆ · ◆ ◆ · · ◆ ◆ · ◆ · · · · ◆ · · ◆ · · ◆ ◆ ◆ · ◆ ◆ ◆ ◆ ◆ · · ◆ ◆ ◆ ◆ ◆ ◆ ◆ ◆ ◆ · · · ◆ · ◆ ◆ ◆ · ◆ ◆ · ◆ · · ◆ · · · · · ◆ ◆ ◆ · · · ◆ ◆ ◆ · · · ◆ ◆ ◆ ◆ ◆ ◆ ◆ · ◆ · ·
· ◆ ◆ ◆ · · ◆ · ◆ · ◆ · · ◆ · ◆ · ◆ ◆ · ◆ · · · ◆ · · ◆ ◆ · · · ◆ · · ◆ ◆ · ◆ · · ◆ ◆ · · · ◆ ◆ ◆ · ◆ · · ◆ · ◆ · · · ◆ · ◆ ◆ ◆ ◆ ◆ ◆ ◆ ◆ ◆ · · ◆ · ◆ · · · · · · ◆ ◆ · ◆ · · · ◆ ◆ · ◆ · ◆ ◆ ◆ · ◆ · ◆ ·
· · ◆ · ◆ ◆ ◆ · · ◆ ◆ · · ◆ · · ◆ ◆ ◆ ◆ · ◆ · · ◆ ◆ ◆ · · ◆ ◆ · · · ◆ · ◆ ◆ · ◆ · ◆ · ◆ ◆ · ◆ · · ◆ ◆ · ◆ ◆ ◆ ◆ ◆ · ◆ · ◆ ◆ · ◆ · ◆ · · ◆ ◆ ◆ · ◆ · ◆ ◆ ◆ ◆ ◆ ◆ · ◆ ◆ · ◆ · ◆ ◆ · ◆ · ◆ ◆ ◆ ◆ ◆ ◆ ◆ · ◆ ·
· ◆ ◆ ◆ · ◆ ◆ · · ◆ · ◆ ◆ · ◆ · ◆ · ◆ ◆ ◆ ◆ ◆ · ◆ ◆ ◆ ◆ · · · ◆ · ◆ ◆ · ◆ ◆ ◆ · · ◆ ◆ · · · ◆ · · ◆ · ◆ · ◆ ◆ ◆ ◆ · ◆ · ◆ ◆ ◆ ◆ ◆ ◆ · ◆ ◆ · · ◆ ◆ · ◆ ◆ · ◆ ◆ · ◆ ◆ ◆ · ◆ ◆ · ◆ ◆ · · ◆ ◆ · · ◆ ◆ ◆ ◆ · ◆
· ◆ ◆ ◆ · · · · ◆ · ◆ ◆ ◆ · ◆ ◆ ◆ · · · ◆ · ◆ ◆ · ◆ · ◆ · ◆ · ◆ ◆ ◆ ◆ · ◆ ◆ ◆ · · ◆ ◆ · · · ◆ ◆ ◆ · ◆ ◆ · ◆ · · · · · · · ◆ ◆ ◆ ◆ ◆ ◆ ◆ ◆ ◆ · · · ◆ ◆ ◆ ◆ · ◆ · · · ◆ · ◆ · ◆ · ◆ ◆ · · · ◆ ◆ ◆ · ◆ · ◆ ◆
· · ◆ ◆ ◆ ◆ · · · ◆ · ◆ ◆ · ◆ · ◆ ◆ ◆ · ◆ · · · · · ◆ · · ◆ · ◆ ◆ · ◆ ◆ · ◆ ◆ · ◆ · ◆ · ◆ ◆ · ◆ · ◆ ◆ · · ◆ ◆ · ◆ ◆ · · ◆ ◆ ◆ ◆ ◆ · · ◆ ◆ · · · · · ◆ · · ◆ ◆ ◆ ◆ ◆ · ◆ ◆ ◆ ◆ ◆ ◆ · ◆ ◆ ◆ · ◆ · ◆ · ◆ ◆ ◆
◆ · ◆ ◆ ◆ ◆ ◆ ◆ ◆ ◆ ◆ ◆ ◆ ◆ ◆ · ◆ · · ◆ ◆ · · · · · · · · ◆ · · · ◆ ◆ ◆ · · · · ◆ · · · · ◆ · ◆ ◆ · ◆ ◆ ◆ ◆ ◆ ◆ · ◆ · ◆ ◆ · · · · ◆ · ◆ ◆ · · ◆ · ◆ ◆ · · · ◆ · ◆ ◆ · · · · ◆ ◆ ◆ · · · · ◆ ◆ ◆ · ◆ ◆ · ·
· · ◆ · ◆ · · · · ◆ ◆ ◆ ◆ · ◆ · ◆ ◆ ◆ · · · · ◆ · · · ◆ · ◆ · · · · ◆ ◆ · · ◆ · · · ◆ · · · · ◆ · · ◆ ◆ ◆ · ◆ · ◆ ◆ · ◆ ◆ · · · · ◆ · ◆ · · ◆ ◆ · ◆ ◆ ◆ · ◆ · ◆ ◆ · · ◆ · ◆ ◆ · ◆ · · ◆ ◆ · · ◆ ◆ · ◆ · ·
◆ · · · ◆ ◆ ◆ ◆ · ◆ ◆ · ◆ · · · · · · ◆ ◆ · ◆ ◆ · ◆ ◆ ◆ · ◆ ◆ ◆ ◆ ◆ · ◆ ◆ ◆ · ◆ · · · ◆ · ◆ ◆ ◆ ◆ · ◆ · ◆ · · · ◆ ◆ · ◆ · ◆ ◆ · · · · · · ◆ · · ◆ ◆ ◆ ◆ · · ◆ ◆ ◆ ◆ ◆ ◆ · ◆ ◆ ◆ · · · · · ◆ ◆ ◆ ◆ · · · ◆
· ◆ ◆ ◆ ◆ ◆ ◆ · ◆ · · ◆ · · ◆ · ◆ ◆ ◆ · ◆ ◆ · ◆ · ◆ · · · · ◆ · ◆ · · ◆ ◆ ◆ ◆ ◆ · · · ◆ · · ◆ · ◆ ◆ · · ◆ ◆ · · · ◆ · ◆ ◆ ◆ · · · ◆ ◆ ◆ ◆ · ◆ ◆ · · · ◆ ◆ ◆ ◆ ◆ ◆ ◆ ◆ · ◆ · ◆ ◆ ◆ · · ◆ ◆ · ◆ ◆ ◆ · · ◆ ·
◆ ◆ ◆ · · · · · ◆ · ◆ · ◆ ◆ · · · ◆ ◆ ◆ · · · ◆ ◆ ◆ ◆ ◆ ◆ ◆ ◆ · ◆ · ◆ ◆ · ◆ · ◆ ◆ ◆ · ◆ ◆ · · · · · · ◆ · ◆ · · ◆ ◆ · ◆ ◆ · ◆ ◆ · ◆ · ◆ ◆ ◆ ◆ · · ◆ ◆ ◆ · · ◆ ◆ · ◆ ◆ · ◆ · · · · · · · ◆ · ◆ · · · · · ·
◆ · ◆ ◆ ◆ · ◆ · ◆ ◆ · ◆ ◆ · ◆ ◆ · · ◆ ◆ · ◆ ◆ · ◆ ◆ · ◆ ◆ · · ◆ · · · · ◆ · ◆ · · ◆ ◆ ◆ ◆ ◆ ◆ · · ◆ · ◆ · · ◆ ◆ ◆ · ◆ · · · ◆ · · · ◆ · ◆ · ◆ · ◆ ◆ ◆ · ◆ · ◆ ◆ ◆ ◆ · ◆ ◆ · ◆ · ◆ · ◆ · · · ◆ · · · ◆ · ◆
◆ · · ◆ ◆ · ◆ · · ◆ · ◆ ◆ ◆ ◆ ◆ ◆ · · · ◆ ◆ ◆ ◆ · · · ◆ ◆ ◆ ◆ · ◆ ◆ · · ◆ · · ◆ ◆ · · ◆ · ◆ · · · · · ◆ ◆ · · ◆ ◆ · ◆ ◆ ◆ · ◆ · · · ◆ · · · ◆ · ◆ ◆ · · ◆ · ◆ ◆ ◆ · ◆ ◆ ◆ ◆ · ◆ · · · ◆ ◆ ◆ · ◆ · · · ◆ ◆
· · ◆ · · · · ◆ · ◆ · · ◆ ◆ · ◆ · · ◆ · · · ◆ · · ◆ ◆ · ◆ ◆ ◆ ◆ ◆ · ◆ ◆ · ◆ · ◆ · ◆ ◆ ◆ · · ◆ · ◆ ◆ ◆ ◆ ◆ ◆ ◆ ◆ ◆ ◆ ◆ ◆ · ◆ ◆ · · ◆ ◆ ◆ ◆ · · ◆ ◆ ◆ ◆ · ◆ ◆ ◆ ◆ ◆ · · · ◆ ◆ ◆ · · ◆ ◆ ◆ · ◆ ◆ · · ◆ · · ·
· · ◆ · · · ◆ ◆ · ◆ · ◆ ◆ ◆ · · ◆ · ◆ ◆ · · ◆ · ◆ ◆ · · ◆ ◆ · · · · ◆ · ◆ ◆ ◆ ◆ ◆ · · ◆ ◆ · ◆ ◆ ◆ · ◆ · · · ◆ · ◆ ◆ · · · ◆ · ◆ · ◆ ◆ · · · ◆ · ◆ · · · · ◆ ◆ · ◆ ◆ · · · · ◆ ◆ · ◆ ◆ ◆ · · ◆ · · · · ◆ ·
◆ · · · ◆ · · · · ◆ ◆ ◆ · ◆ ◆ · ◆ · · · · · · ◆ ◆ · · · · · ◆ ◆ · ◆ ◆ · ◆ · ◆ ◆ ◆ ◆ · ◆ · · · ◆ ◆ · · ◆ ◆ ◆ · · ◆ ◆ · ◆ ◆ · · · · · · · ◆ ◆ · ◆ ◆ · · ◆ ◆ · ◆ ◆ · · · · · · ◆ ◆ · · ◆ ◆ ◆ ◆ ◆ ◆ · · · · ·
◆ ◆ · · ◆ ◆ ◆ ◆ · · ◆ · ◆ · · ◆ · · ◆ ◆ · · ◆ · · ◆ · ◆ · · ◆ · ◆ ◆ ◆ · ◆ ◆ · · · ◆ ◆ ◆ ◆ ◆ · · · · ◆ · · ◆ ◆ ◆ ◆ · ◆ ◆ · ◆ ◆ · ◆ · ◆ ◆ ◆ ◆ · · ◆ · ◆ ◆ · · · ◆ · · · · · ◆ ◆ · ◆ ◆ ◆ · · ◆ ◆ · · · · · ◆
· ◆ · ◆ · ◆ · · ◆ ◆ · · · · ◆ ◆ · ◆ ◆ · ◆ · ◆ · ◆ · · · ◆ ◆ · · · ◆ · · · · · ◆ ◆ ◆ ◆ ◆ ◆ ◆ · ◆ · · ◆ ◆ ◆ · ◆ ◆ ◆ ◆ ◆ ◆ · · · ◆ ◆ ◆ · · · ◆ ◆ ◆ · ◆ · · ◆ ◆ · ◆ ◆ ◆ ◆ · ◆ ◆ ◆ · · ◆ ◆ ◆ ◆ ◆ ◆ ◆ · ◆ ◆ · ·
◆ ◆ · ◆ · ◆ ◆ · ◆ ◆ ◆ ◆ ◆ · · ◆ · · ◆ · ◆ ◆ ◆ · · · ◆ ◆ · · ◆ · · · · · ◆ ◆ · ◆ · ◆ · · · ◆ · · · ◆ · · ◆ · · · ◆ ◆ ◆ ◆ ◆ · ◆ ◆ ◆ ◆ ◆ · · ◆ ◆ · · · · ◆ · · · · ◆ ◆ ◆ · ◆ · · ◆ · · ◆ ◆ · ◆ ◆ · ◆ · · · ◆
v	834	2410	945	olive, vy. lt.
┌	834	2410	945	olive, vy. lt.
└	3348	6266	264	yellow-green, lt.
┌	3348	6266	264	yellow-green, lt.
└	3047	2300	956	yellow-beige, lt.
┌	500	6880	879	blue-green, vy. dk.
└	3799	8999	236	pewter gray, dk.
═	501	6878	878	blue-green, dk.
←	502	6877	877	blue-green
bs	504	6875	875	blue-green, lt.
Fabric:
28-count glass blue Monaco from Charles Craft, Inc.
Stitch count:
188H x 160W
Design size:
14-count	13½" x 11½"
18-count	10½" x 9"
25-count	15⅛" x 12⅞"
28-count	13½" x 11½"
Instructions:
Cross stitch over two threads, using two strands of floss. Backstitch using one strand of floss. When two colors are bracketed together, use one strand of each. Work French knot where • appears at intersecting grid lines, using three strands of floss unless otherwise indicated and wrapping floss around needle once. Work straight stitch using one strand of floss.
Backstitch instructions:
504	6875	875	tail feathers (except outlined parts that are against blue sky)
500	6880	879	outline of tail feathers
3799	8999	236	feet, pupil of eye
646	8500	273	white of body (except outline)
814	3044	44	red parts of head
839	5360	360	outline of white of body, beak, horse neck inside fence, barn roof, silo, between rooster's legs
317	8512	400	weather vane, silo door and roof
420	5374	374	lines on ground, edges of hay bales that touch light green
French-knot instructions:
317	8512	400	on weather vane, door knob of silo (two strands)
349	2335	13	on ground
Straight-stitch instructions:
white	1001	01	on doors of barn (one strand)
834	2410	945	
3347	6266	267	grass
Stitched by Sandy Hedrick
